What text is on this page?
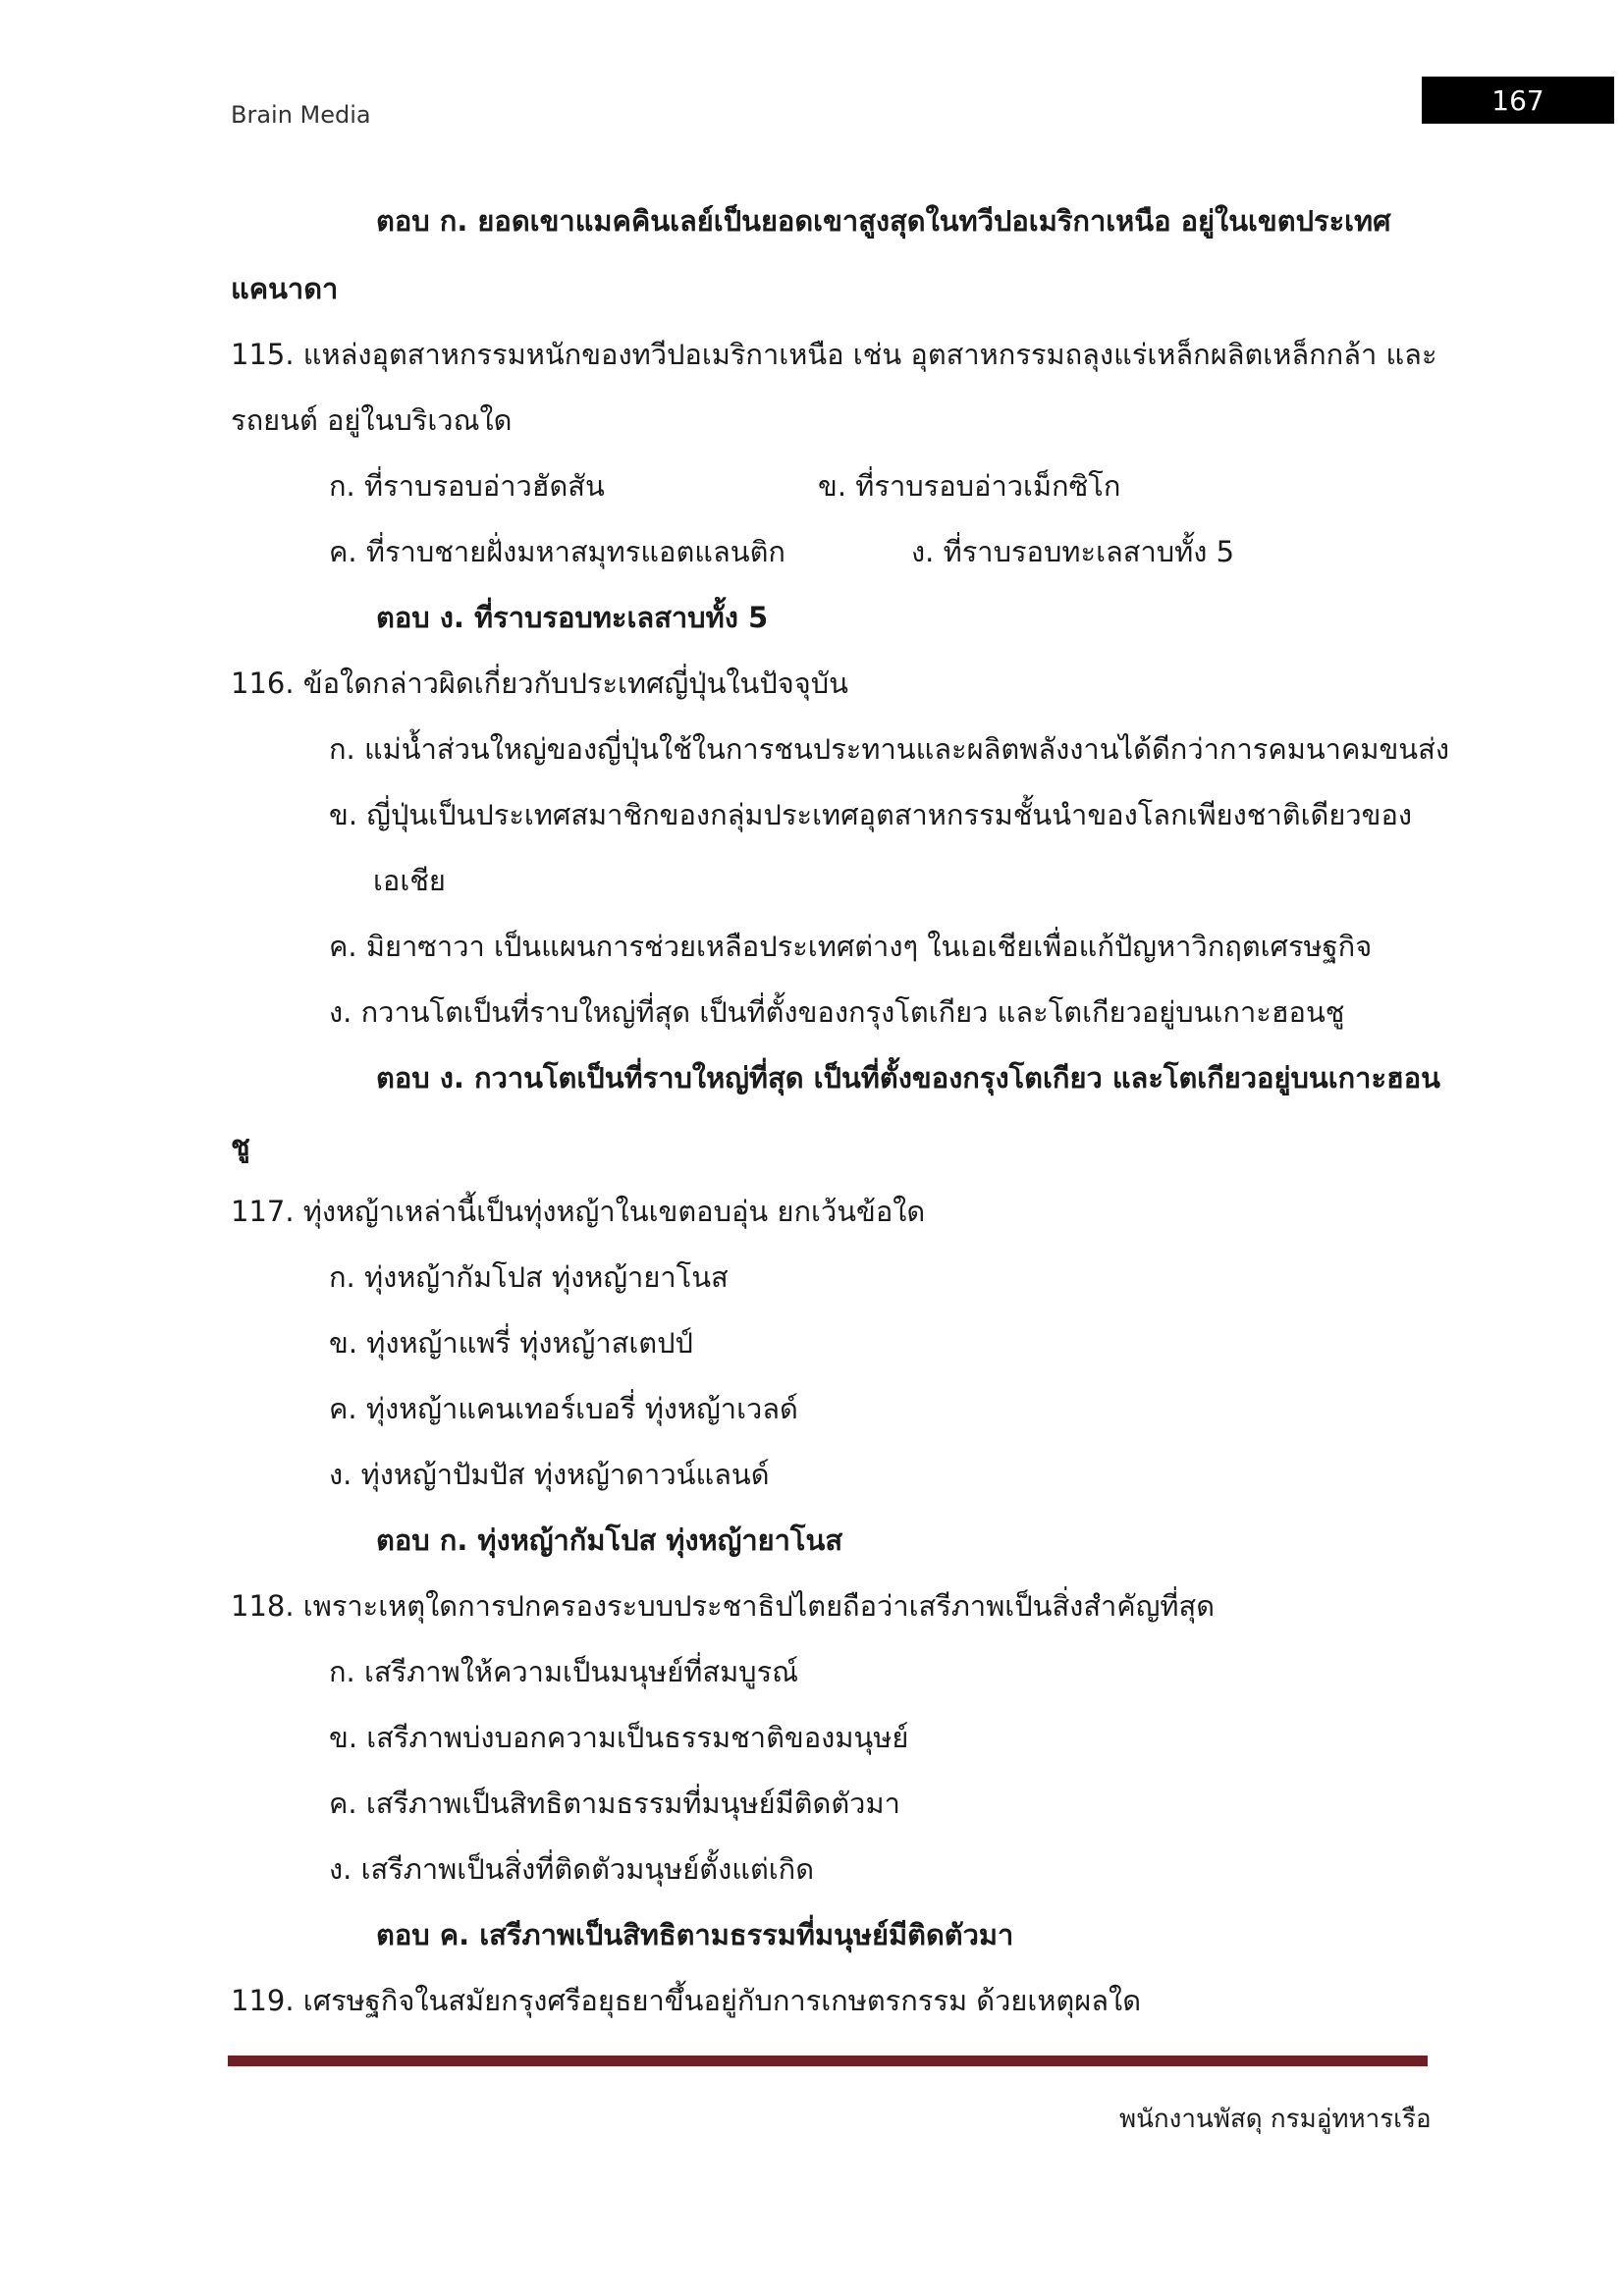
Brain Media	167
ตอบ ก. ยอดเขาแมคคินเลย์เป็นยอดเขาสูงสุดในทวีปอเมริกาเหนือ อยู่ในเขตประเทศ
แคนาดา
115. แหล่งอุตสาหกรรมหนักของทวีปอเมริกาเหนือ เช่น อุตสาหกรรมถลุงแร่เหล็กผลิตเหล็กกล้า และ
รถยนต์ อยู่ในบริเวณใด
ก. ที่ราบรอบอ่าวฮัดสัน	ข. ที่ราบรอบอ่าวเม็กซิโก
ค. ที่ราบชายฝั่งมหาสมุทรแอตแลนติก	ง. ที่ราบรอบทะเลสาบทั้ง 5
ตอบ ง. ที่ราบรอบทะเลสาบทั้ง 5
116. ข้อใดกล่าวผิดเกี่ยวกับประเทศญี่ปุ่นในปัจจุบัน
ก. แม่น้ำส่วนใหญ่ของญี่ปุ่นใช้ในการชนประทานและผลิตพลังงานได้ดีกว่าการคมนาคมขนส่ง
ข. ญี่ปุ่นเป็นประเทศสมาชิกของกลุ่มประเทศอุตสาหกรรมชั้นนำของโลกเพียงชาติเดียวของ
เอเชีย
ค. มิยาซาวา เป็นแผนการช่วยเหลือประเทศต่างๆ ในเอเชียเพื่อแก้ปัญหาวิกฤตเศรษฐกิจ
ง. กวานโตเป็นที่ราบใหญ่ที่สุด เป็นที่ตั้งของกรุงโตเกียว และโตเกียวอยู่บนเกาะฮอนชู
ตอบ ง. กวานโตเป็นที่ราบใหญ่ที่สุด เป็นที่ตั้งของกรุงโตเกียว และโตเกียวอยู่บนเกาะฮอน
ชู
117. ทุ่งหญ้าเหล่านี้เป็นทุ่งหญ้าในเขตอบอุ่น ยกเว้นข้อใด
ก. ทุ่งหญ้ากัมโปส ทุ่งหญ้ายาโนส
ข. ทุ่งหญ้าแพรี่ ทุ่งหญ้าสเตปป์
ค. ทุ่งหญ้าแคนเทอร์เบอรี่ ทุ่งหญ้าเวลด์
ง. ทุ่งหญ้าปัมปัส ทุ่งหญ้าดาวน์แลนด์
ตอบ ก. ทุ่งหญ้ากัมโปส ทุ่งหญ้ายาโนส
118. เพราะเหตุใดการปกครองระบบประชาธิปไตยถือว่าเสรีภาพเป็นสิ่งสำคัญที่สุด
ก. เสรีภาพให้ความเป็นมนุษย์ที่สมบูรณ์
ข. เสรีภาพบ่งบอกความเป็นธรรมชาติของมนุษย์
ค. เสรีภาพเป็นสิทธิตามธรรมที่มนุษย์มีติดตัวมา
ง. เสรีภาพเป็นสิ่งที่ติดตัวมนุษย์ตั้งแต่เกิด
ตอบ ค. เสรีภาพเป็นสิทธิตามธรรมที่มนุษย์มีติดตัวมา
119. เศรษฐกิจในสมัยกรุงศรีอยุธยาขึ้นอยู่กับการเกษตรกรรม ด้วยเหตุผลใด
พนักงานพัสดุ กรมอู่ทหารเรือ
